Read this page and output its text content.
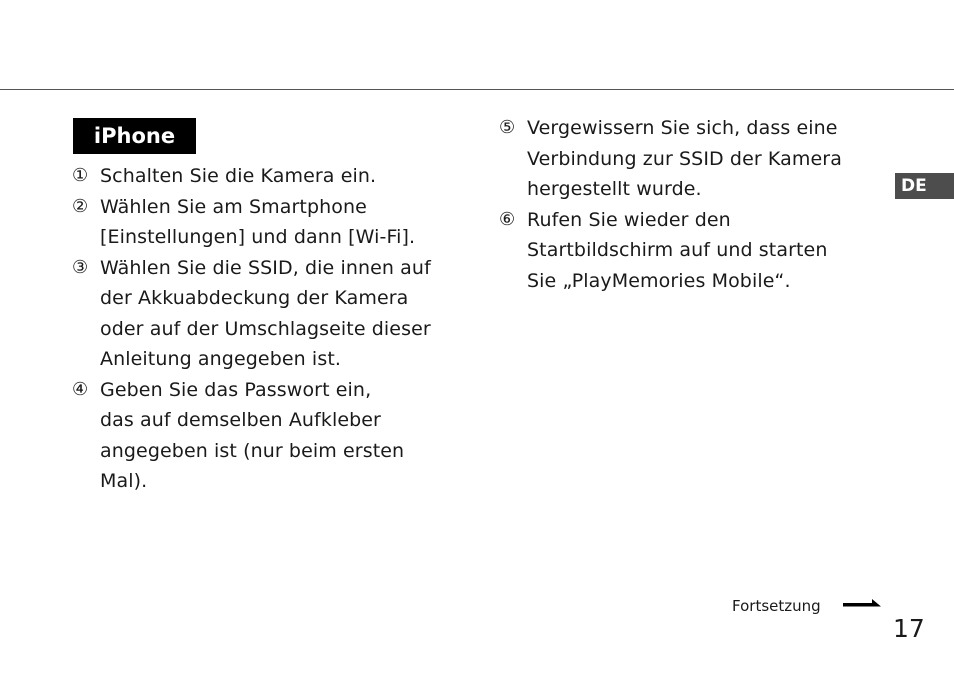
iPhone
① Schalten Sie die Kamera ein.
② Wählen Sie am Smartphone
[Einstellungen] und dann [Wi-Fi].
③ Wählen Sie die SSID, die innen auf
der Akkuabdeckung der Kamera
oder auf der Umschlagseite dieser
Anleitung angegeben ist.
④ Geben Sie das Passwort ein,
das auf demselben Aufkleber
angegeben ist (nur beim ersten
Mal).
⑤ Vergewissern Sie sich, dass eine
Verbindung zur SSID der Kamera
hergestellt wurde.
⑥ Rufen Sie wieder den
Startbildschirm auf und starten
Sie „PlayMemories Mobile“.
DE
Fortsetzung
17
